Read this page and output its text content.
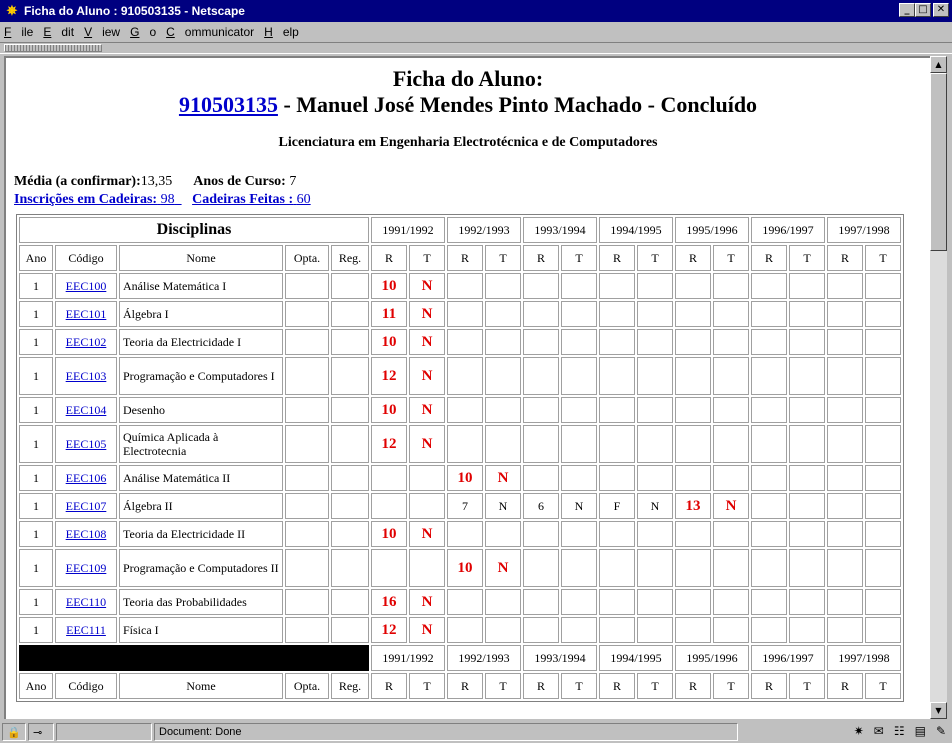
✵ Ficha do Aluno : 910503135 - Netscape	_ □ ✕
F ile E dit V iew G o C ommunicator H elp
Ficha do Aluno:
910503135 - Manuel José Mendes Pinto Machado - Concluído
Licenciatura em Engenharia Electrotécnica e de Computadores
Média (a confirmar):13,35 Anos de Curso: 7
Inscrições em Cadeiras: 98 Cadeiras Feitas : 60
Disciplinas					1991/1992		1992/1993		1993/1994		1994/1995		1995/1996		1996/1997		1997/1998	
Ano	Código	Nome	Opta.	Reg.	R	T	R	T	R	T	R	T	R	T	R	T	R	T
1	EEC100	Análise Matemática I			10	N												
1	EEC101	Álgebra I			11	N												
1	EEC102	Teoria da Electricidade I			10	N												
1	EEC103	Programação e Computadores I			12	N												
1	EEC104	Desenho			10	N												
1	EEC105	Química Aplicada à Electrotecnia			12	N												
1	EEC106	Análise Matemática II					10	N										
1	EEC107	Álgebra II					7	N	6	N	F	N	13	N				
1	EEC108	Teoria da Electricidade II			10	N												
1	EEC109	Programação e Computadores II					10	N										
1	EEC110	Teoria das Probabilidades			16	N												
1	EEC111	Física I			12	N												
					1991/1992		1992/1993		1993/1994		1994/1995		1995/1996		1996/1997		1997/1998	
Ano	Código	Nome	Opta.	Reg.	R	T	R	T	R	T	R	T	R	T	R	T	R	T
▲
▼
🔒	⊸	Document: Done	✷ ✉ ☷ ▤ ✎
